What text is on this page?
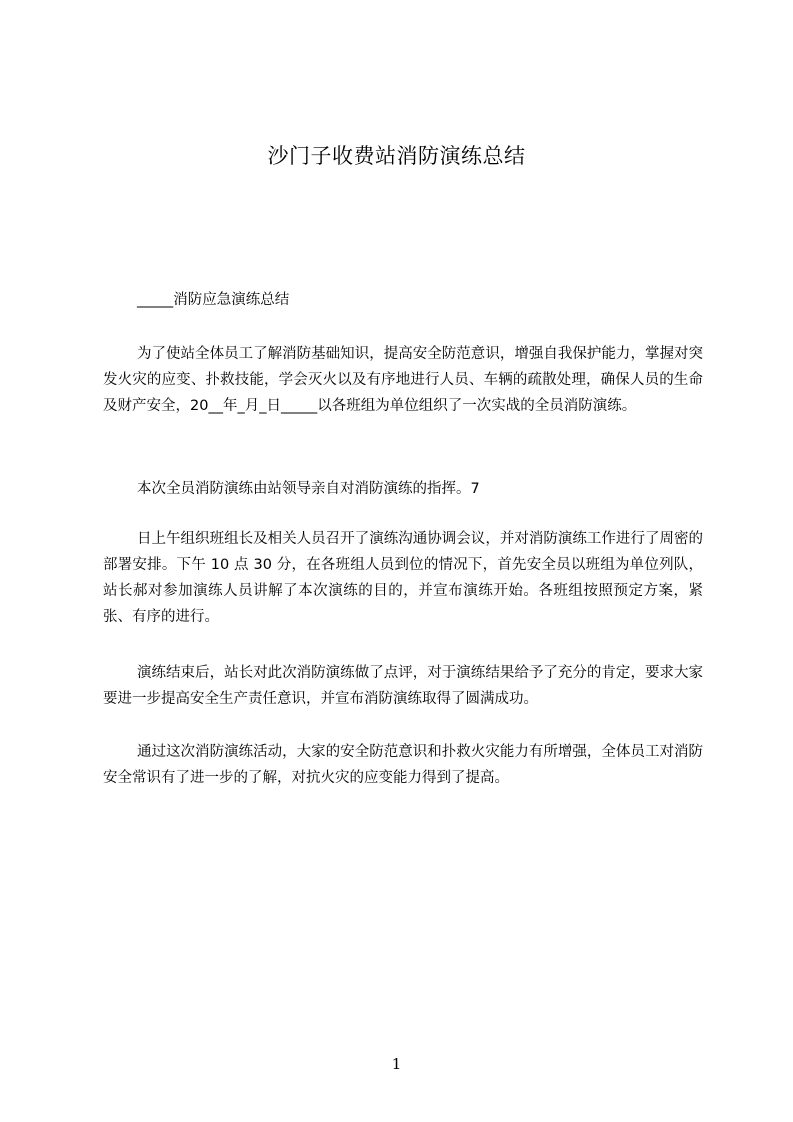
沙门子收费站消防演练总结

_____消防应急演练总结

为了使站全体员工了解消防基础知识，提高安全防范意识，增强自我保护能力，掌握对突发火灾的应变、扑救技能，学会灭火以及有序地进行人员、车辆的疏散处理，确保人员的生命及财产安全，20__年_月_日_____以各班组为单位组织了一次实战的全员消防演练。

本次全员消防演练由站领导亲自对消防演练的指挥。7

日上午组织班组长及相关人员召开了演练沟通协调会议，并对消防演练工作进行了周密的部署安排。下午 10 点 30 分，在各班组人员到位的情况下，首先安全员以班组为单位列队，站长郝对参加演练人员讲解了本次演练的目的，并宣布演练开始。各班组按照预定方案，紧张、有序的进行。

演练结束后，站长对此次消防演练做了点评，对于演练结果给予了充分的肯定，要求大家要进一步提高安全生产责任意识，并宣布消防演练取得了圆满成功。

通过这次消防演练活动，大家的安全防范意识和扑救火灾能力有所增强，全体员工对消防安全常识有了进一步的了解，对抗火灾的应变能力得到了提高。

1
